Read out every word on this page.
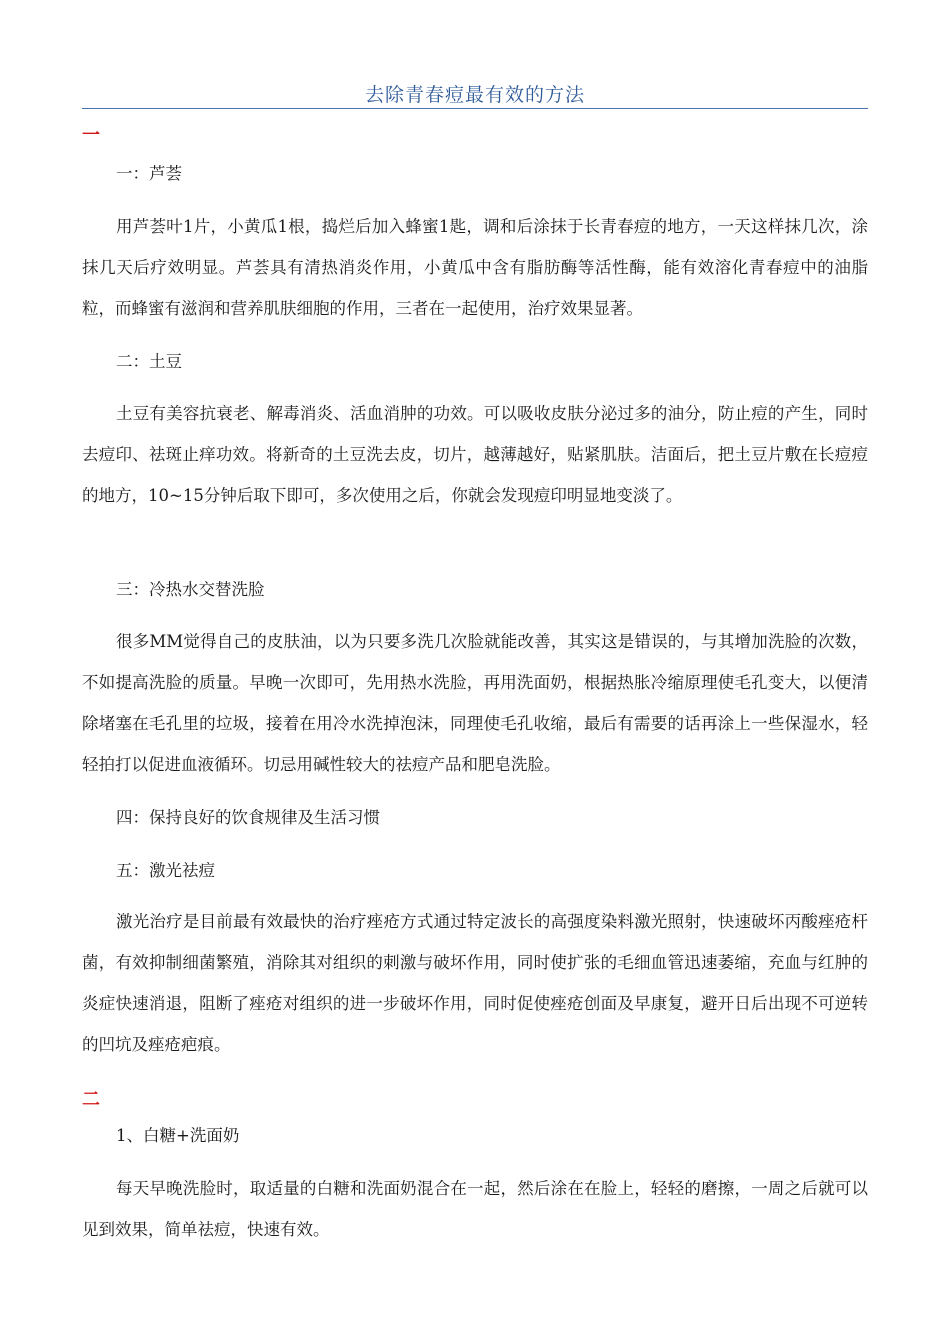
去除青春痘最有效的方法
一
一：芦荟
用芦荟叶1片，小黄瓜1根，捣烂后加入蜂蜜1匙，调和后涂抹于长青春痘的地方，一天这样抹几次，涂抹几天后疗效明显。芦荟具有清热消炎作用，小黄瓜中含有脂肪酶等活性酶，能有效溶化青春痘中的油脂粒，而蜂蜜有滋润和营养肌肤细胞的作用，三者在一起使用，治疗效果显著。
二：土豆
土豆有美容抗衰老、解毒消炎、活血消肿的功效。可以吸收皮肤分泌过多的油分，防止痘的产生，同时去痘印、祛斑止痒功效。将新奇的土豆洗去皮，切片，越薄越好，贴紧肌肤。洁面后，把土豆片敷在长痘痘的地方，10~15分钟后取下即可，多次使用之后，你就会发现痘印明显地变淡了。
三：冷热水交替洗脸
很多MM觉得自己的皮肤油，以为只要多洗几次脸就能改善，其实这是错误的，与其增加洗脸的次数，不如提高洗脸的质量。早晚一次即可，先用热水洗脸，再用洗面奶，根据热胀冷缩原理使毛孔变大，以便清除堵塞在毛孔里的垃圾，接着在用冷水洗掉泡沫，同理使毛孔收缩，最后有需要的话再涂上一些保湿水，轻轻拍打以促进血液循环。切忌用碱性较大的祛痘产品和肥皂洗脸。
四：保持良好的饮食规律及生活习惯
五：激光祛痘
激光治疗是目前最有效最快的治疗痤疮方式通过特定波长的高强度染料激光照射，快速破坏丙酸痤疮杆菌，有效抑制细菌繁殖，消除其对组织的刺激与破坏作用，同时使扩张的毛细血管迅速萎缩，充血与红肿的炎症快速消退，阻断了痤疮对组织的进一步破坏作用，同时促使痤疮创面及早康复，避开日后出现不可逆转的凹坑及痤疮疤痕。
二
1、白糖+洗面奶
每天早晚洗脸时，取适量的白糖和洗面奶混合在一起，然后涂在在脸上，轻轻的磨擦，一周之后就可以见到效果，简单祛痘，快速有效。
